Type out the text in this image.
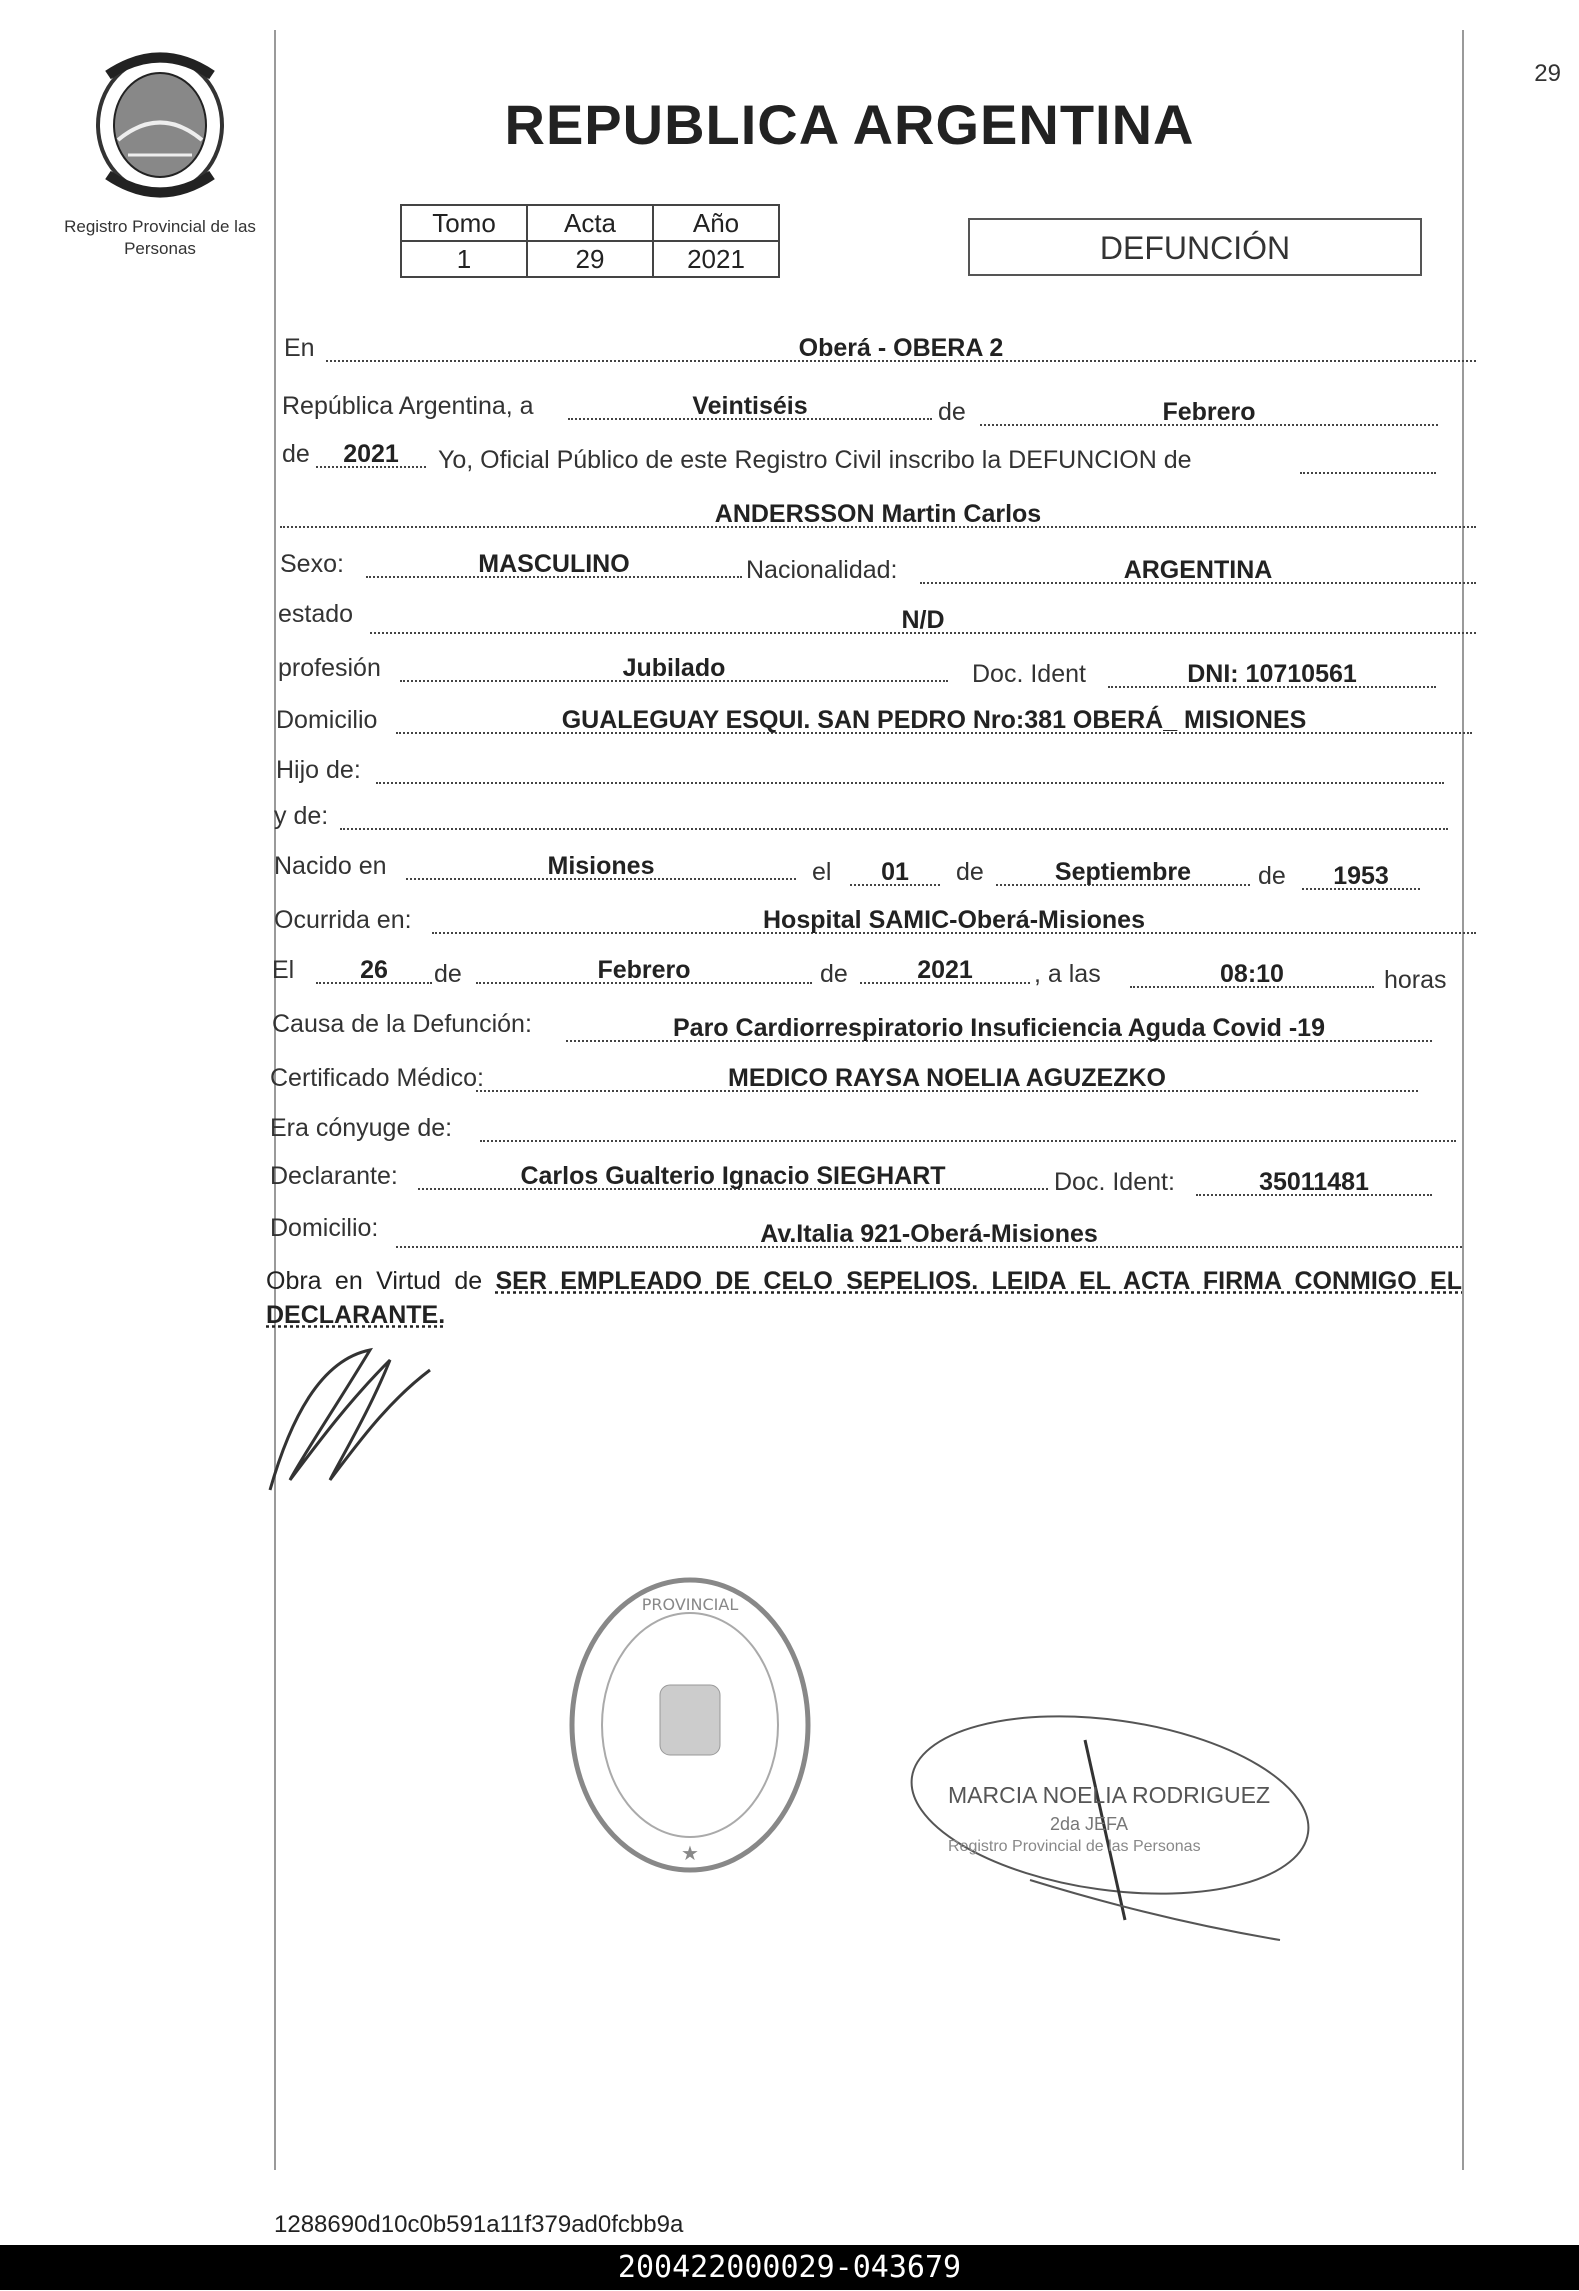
29
Registro Provincial de las Personas
REPUBLICA ARGENTINA
Tomo	Acta	Año
1	29	2021	DEFUNCIÓN
En	Oberá - OBERA 2
República Argentina, a	Veintiséis	de	Febrero
de	2021	Yo, Oficial Público de este Registro Civil inscribo la DEFUNCION de
ANDERSSON Martin Carlos
Sexo:	MASCULINO	Nacionalidad:	ARGENTINA
estado	N/D
profesión	Jubilado	Doc. Ident	DNI: 10710561
Domicilio	GUALEGUAY ESQUI. SAN PEDRO Nro:381 OBERÁ_ MISIONES
Hijo de:
y de:
Nacido en	Misiones	el	01	de	Septiembre	de	1953
Ocurrida en:	Hospital SAMIC-Oberá-Misiones
El	26	de	Febrero	de	2021	, a las	08:10	horas
Causa de la Defunción:	Paro Cardiorrespiratorio Insuficiencia Aguda Covid -19
Certificado Médico:	MEDICO RAYSA NOELIA AGUZEZKO
Era cónyuge de:
Declarante:	Carlos Gualterio Ignacio SIEGHART	Doc. Ident:	35011481
Domicilio:	Av.Italia 921-Oberá-Misiones
Obra en Virtud de SER EMPLEADO DE CELO SEPELIOS. LEIDA EL ACTA FIRMA CONMIGO EL DECLARANTE.
PROVINCIAL
★
MARCIA NOELIA RODRIGUEZ
2da JEFA
Registro Provincial de las Personas
1288690d10c0b591a11f379ad0fcbb9a
200422000029-043679
